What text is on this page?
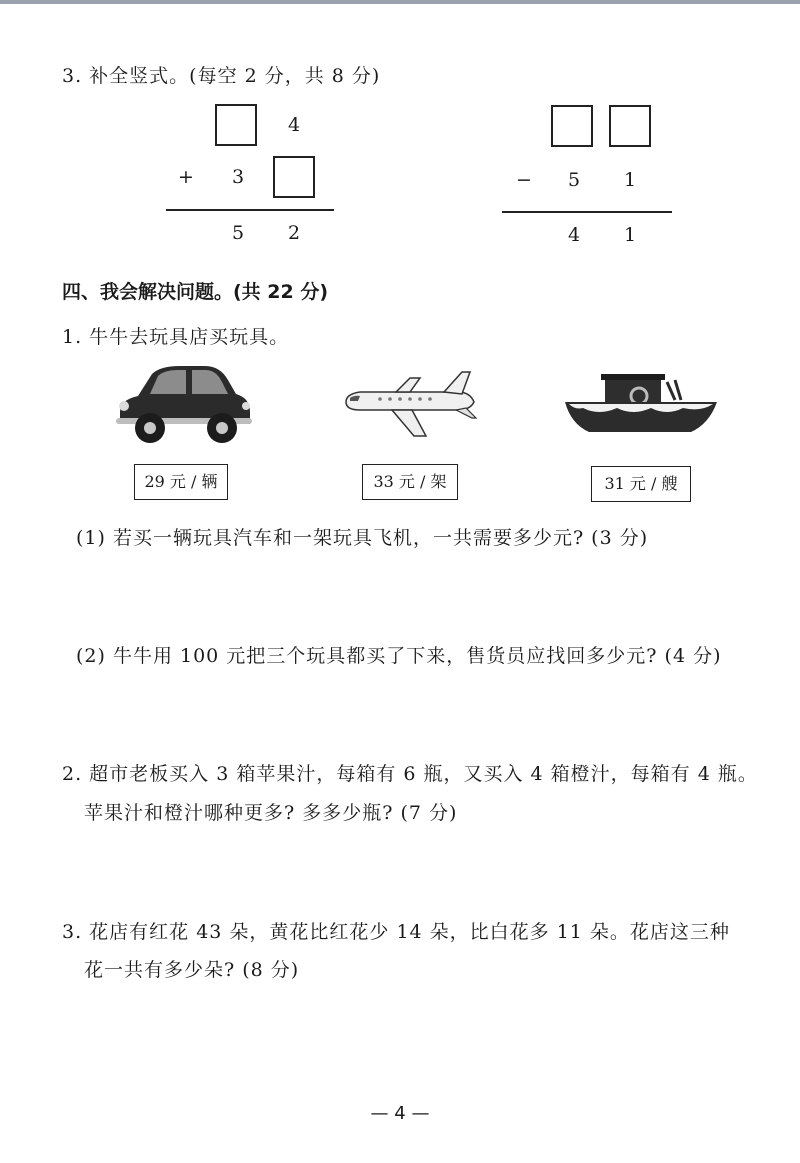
3. 补全竖式。(每空 2 分，共 8 分)
4
+ 3
5 2
− 5 1
4 1
四、我会解决问题。(共 22 分)
1. 牛牛去玩具店买玩具。
29 元 / 辆	33 元 / 架	31 元 / 艘
(1) 若买一辆玩具汽车和一架玩具飞机，一共需要多少元? (3 分)
(2) 牛牛用 100 元把三个玩具都买了下来，售货员应找回多少元? (4 分)
2. 超市老板买入 3 箱苹果汁，每箱有 6 瓶，又买入 4 箱橙汁，每箱有 4 瓶。
苹果汁和橙汁哪种更多? 多多少瓶? (7 分)
3. 花店有红花 43 朵，黄花比红花少 14 朵，比白花多 11 朵。花店这三种
花一共有多少朵? (8 分)
— 4 —
